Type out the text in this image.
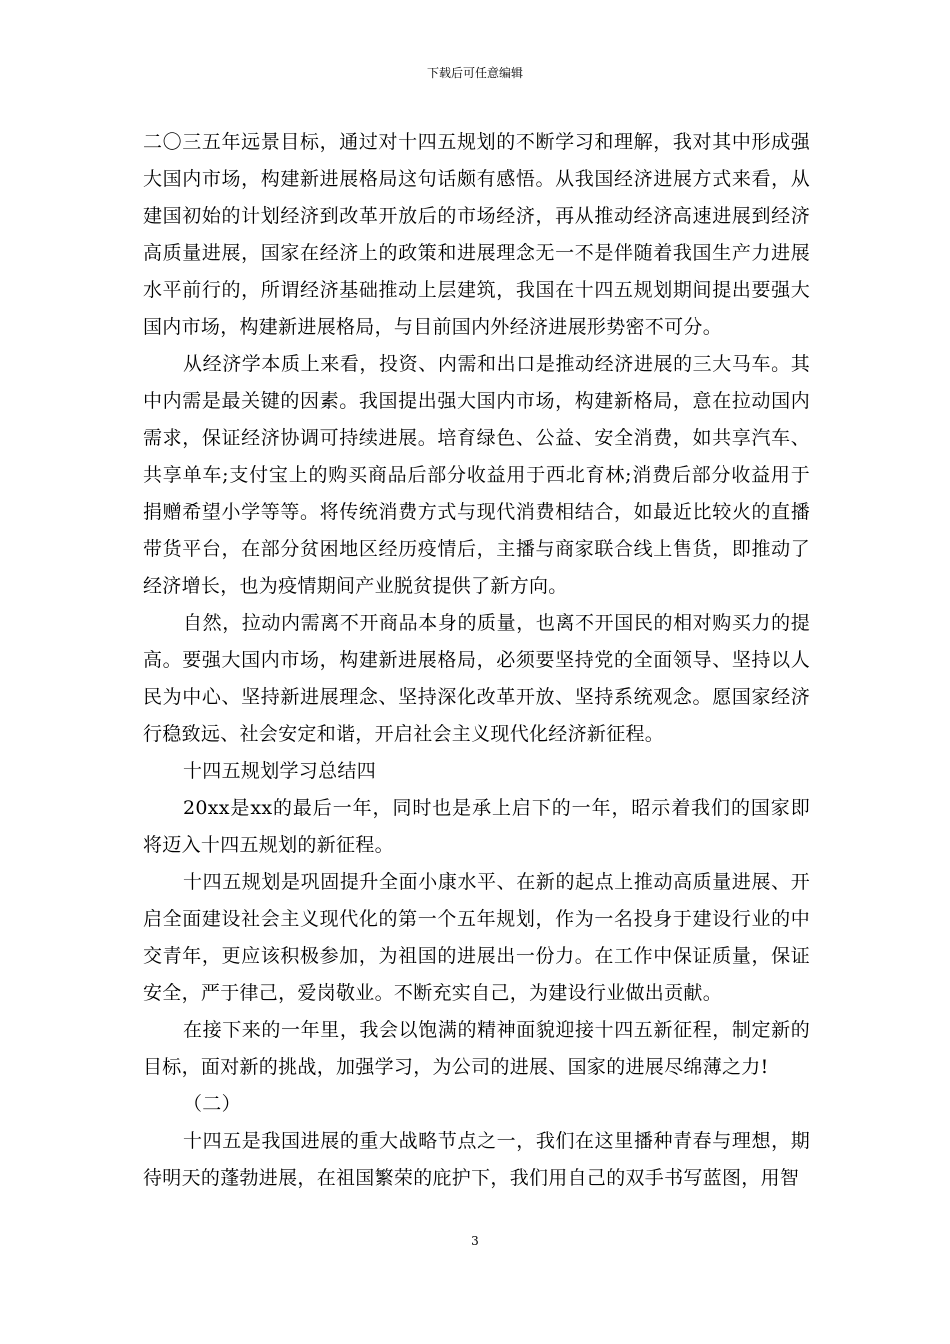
下载后可任意编辑

二〇三五年远景目标，通过对十四五规划的不断学习和理解，我对其中形成强大国内市场，构建新进展格局这句话颇有感悟。从我国经济进展方式来看，从建国初始的计划经济到改革开放后的市场经济，再从推动经济高速进展到经济高质量进展，国家在经济上的政策和进展理念无一不是伴随着我国生产力进展水平前行的，所谓经济基础推动上层建筑，我国在十四五规划期间提出要强大国内市场，构建新进展格局，与目前国内外经济进展形势密不可分。

从经济学本质上来看，投资、内需和出口是推动经济进展的三大马车。其中内需是最关键的因素。我国提出强大国内市场，构建新格局，意在拉动国内需求，保证经济协调可持续进展。培育绿色、公益、安全消费，如共享汽车、共享单车;支付宝上的购买商品后部分收益用于西北育林;消费后部分收益用于捐赠希望小学等等。将传统消费方式与现代消费相结合，如最近比较火的直播带货平台，在部分贫困地区经历疫情后，主播与商家联合线上售货，即推动了经济增长，也为疫情期间产业脱贫提供了新方向。

自然，拉动内需离不开商品本身的质量，也离不开国民的相对购买力的提高。要强大国内市场，构建新进展格局，必须要坚持党的全面领导、坚持以人民为中心、坚持新进展理念、坚持深化改革开放、坚持系统观念。愿国家经济行稳致远、社会安定和谐，开启社会主义现代化经济新征程。

十四五规划学习总结四

20xx是xx的最后一年，同时也是承上启下的一年，昭示着我们的国家即将迈入十四五规划的新征程。

十四五规划是巩固提升全面小康水平、在新的起点上推动高质量进展、开启全面建设社会主义现代化的第一个五年规划，作为一名投身于建设行业的中交青年，更应该积极参加，为祖国的进展出一份力。在工作中保证质量，保证安全，严于律己，爱岗敬业。不断充实自己，为建设行业做出贡献。

在接下来的一年里，我会以饱满的精神面貌迎接十四五新征程，制定新的目标，面对新的挑战，加强学习，为公司的进展、国家的进展尽绵薄之力!

（二）

十四五是我国进展的重大战略节点之一，我们在这里播种青春与理想，期待明天的蓬勃进展，在祖国繁荣的庇护下，我们用自己的双手书写蓝图，用智

3
